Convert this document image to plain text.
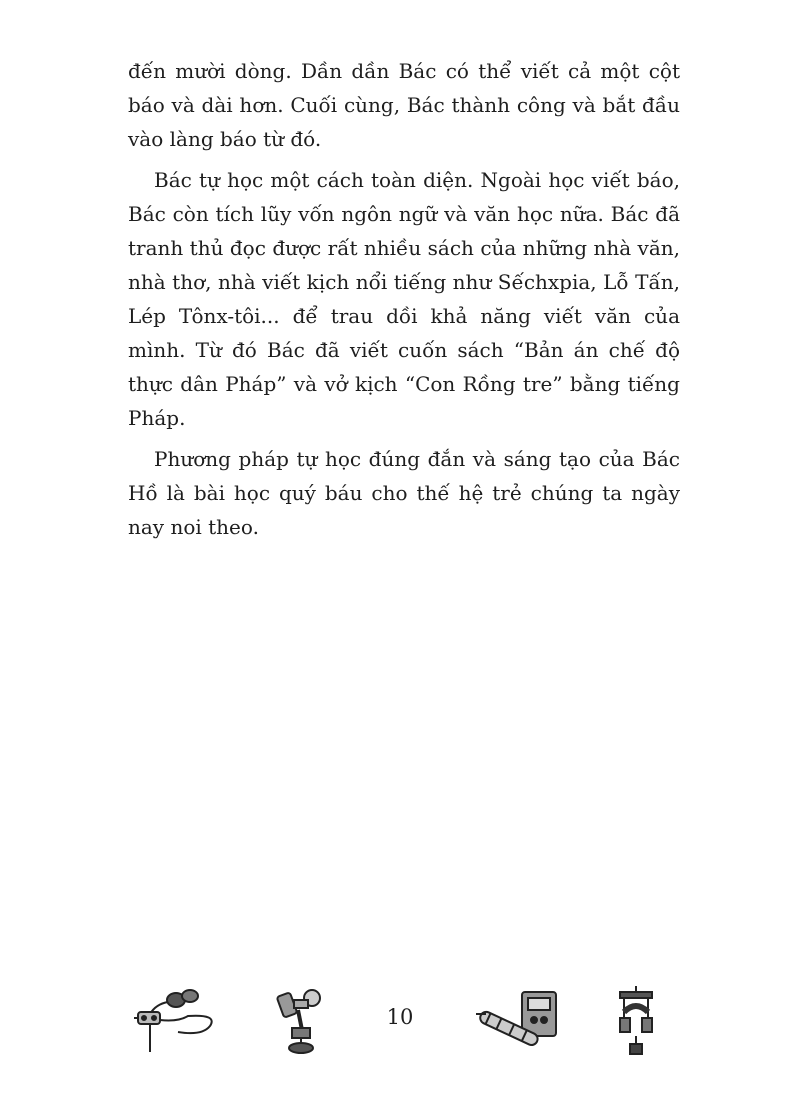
đến mười dòng. Dần dần Bác có thể viết cả một cột báo và dài hơn. Cuối cùng, Bác thành công và bắt đầu vào làng báo từ đó.

Bác tự học một cách toàn diện. Ngoài học viết báo, Bác còn tích lũy vốn ngôn ngữ và văn học nữa. Bác đã tranh thủ đọc được rất nhiều sách của những nhà văn, nhà thơ, nhà viết kịch nổi tiếng như Sếchxpia, Lỗ Tấn, Lép Tônx-tôi... để trau dồi khả năng viết văn của mình. Từ đó Bác đã viết cuốn sách “Bản án chế độ thực dân Pháp” và vở kịch “Con Rồng tre” bằng tiếng Pháp.

Phương pháp tự học đúng đắn và sáng tạo của Bác Hồ là bài học quý báu cho thế hệ trẻ chúng ta ngày nay noi theo.

10
